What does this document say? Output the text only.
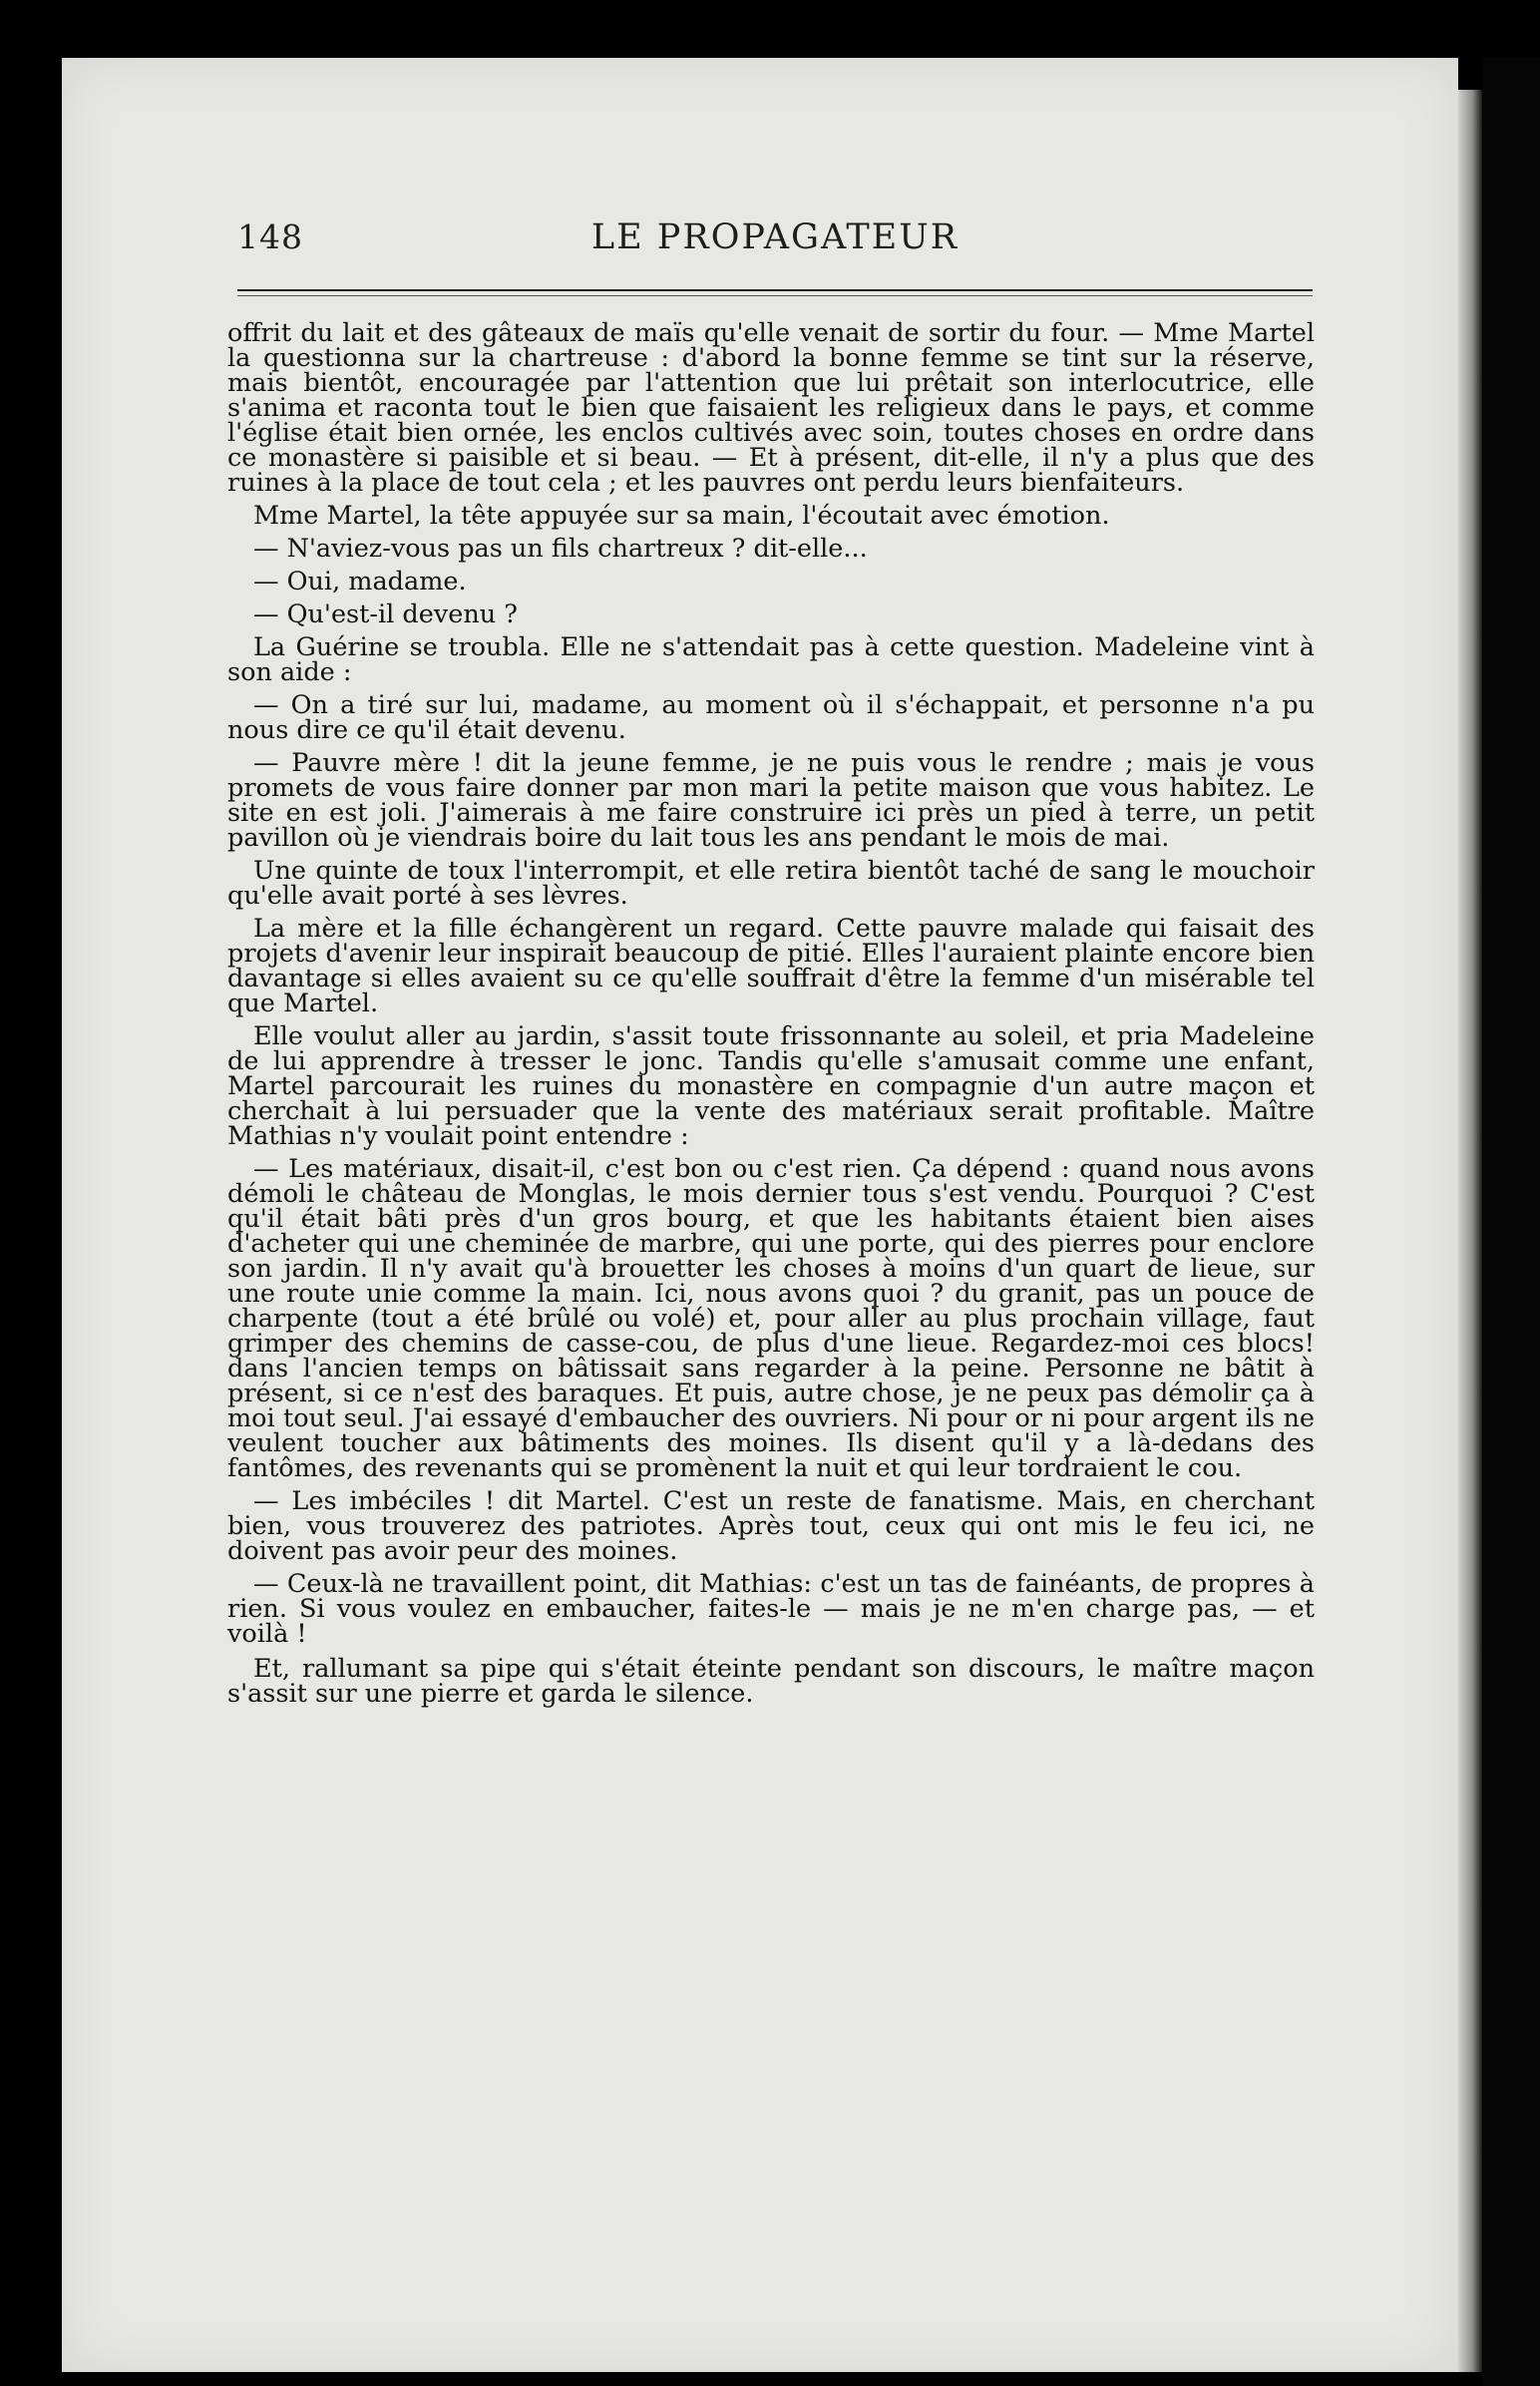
148	LE PROPAGATEUR

offrit du lait et des gâteaux de maïs qu'elle venait de sortir du four. — Mme Martel la questionna sur la chartreuse : d'abord la bonne femme se tint sur la réserve, mais bientôt, encouragée par l'attention que lui prêtait son interlocutrice, elle s'anima et raconta tout le bien que faisaient les religieux dans le pays, et comme l'église était bien ornée, les enclos cultivés avec soin, toutes choses en ordre dans ce monastère si paisible et si beau. — Et à présent, dit-elle, il n'y a plus que des ruines à la place de tout cela ; et les pauvres ont perdu leurs bienfaiteurs.

Mme Martel, la tête appuyée sur sa main, l'écoutait avec émotion.

— N'aviez-vous pas un fils chartreux ? dit-elle...

— Oui, madame.

— Qu'est-il devenu ?

La Guérine se troubla. Elle ne s'attendait pas à cette question. Madeleine vint à son aide :

— On a tiré sur lui, madame, au moment où il s'échappait, et personne n'a pu nous dire ce qu'il était devenu.

— Pauvre mère ! dit la jeune femme, je ne puis vous le rendre ; mais je vous promets de vous faire donner par mon mari la petite maison que vous habitez. Le site en est joli. J'aimerais à me faire construire ici près un pied à terre, un petit pavillon où je viendrais boire du lait tous les ans pendant le mois de mai.

Une quinte de toux l'interrompit, et elle retira bientôt taché de sang le mouchoir qu'elle avait porté à ses lèvres.

La mère et la fille échangèrent un regard. Cette pauvre malade qui faisait des projets d'avenir leur inspirait beaucoup de pitié. Elles l'auraient plainte encore bien davantage si elles avaient su ce qu'elle souffrait d'être la femme d'un misérable tel que Martel.

Elle voulut aller au jardin, s'assit toute frissonnante au soleil, et pria Madeleine de lui apprendre à tresser le jonc. Tandis qu'elle s'amusait comme une enfant, Martel parcourait les ruines du monastère en compagnie d'un autre maçon et cherchait à lui persuader que la vente des matériaux serait profitable. Maître Mathias n'y voulait point entendre :

— Les matériaux, disait-il, c'est bon ou c'est rien. Ça dépend : quand nous avons démoli le château de Monglas, le mois dernier tous s'est vendu. Pourquoi ? C'est qu'il était bâti près d'un gros bourg, et que les habitants étaient bien aises d'acheter qui une cheminée de marbre, qui une porte, qui des pierres pour enclore son jardin. Il n'y avait qu'à brouetter les choses à moins d'un quart de lieue, sur une route unie comme la main. Ici, nous avons quoi ? du granit, pas un pouce de charpente (tout a été brûlé ou volé) et, pour aller au plus prochain village, faut grimper des chemins de casse-cou, de plus d'une lieue. Regardez-moi ces blocs! dans l'ancien temps on bâtissait sans regarder à la peine. Personne ne bâtit à présent, si ce n'est des baraques. Et puis, autre chose, je ne peux pas démolir ça à moi tout seul. J'ai essayé d'embaucher des ouvriers. Ni pour or ni pour argent ils ne veulent toucher aux bâtiments des moines. Ils disent qu'il y a là-dedans des fantômes, des revenants qui se promènent la nuit et qui leur tordraient le cou.

— Les imbéciles ! dit Martel. C'est un reste de fanatisme. Mais, en cherchant bien, vous trouverez des patriotes. Après tout, ceux qui ont mis le feu ici, ne doivent pas avoir peur des moines.

— Ceux-là ne travaillent point, dit Mathias: c'est un tas de fainéants, de propres à rien. Si vous voulez en embaucher, faites-le — mais je ne m'en charge pas, — et voilà !

Et, rallumant sa pipe qui s'était éteinte pendant son discours, le maître maçon s'assit sur une pierre et garda le silence.
